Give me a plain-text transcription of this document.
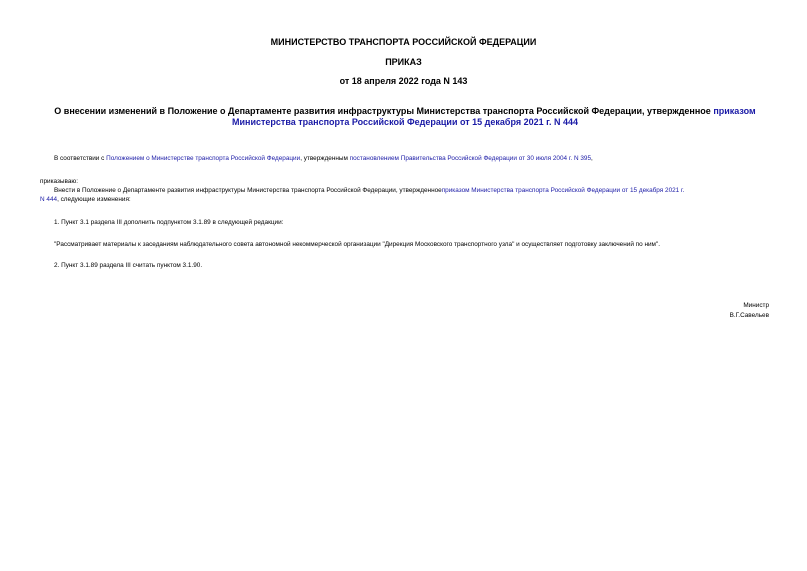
МИНИСТЕРСТВО ТРАНСПОРТА РОССИЙСКОЙ ФЕДЕРАЦИИ
ПРИКАЗ
от 18 апреля 2022 года N 143
О внесении изменений в Положение о Департаменте развития инфраструктуры Министерства транспорта Российской Федерации, утвержденное приказом Министерства транспорта Российской Федерации от 15 декабря 2021 г. N 444
В соответствии с Положением о Министерстве транспорта Российской Федерации, утвержденным постановлением Правительства Российской Федерации от 30 июля 2004 г. N 395,
приказываю:
Внести в Положение о Департаменте развития инфраструктуры Министерства транспорта Российской Федерации, утвержденноеприказом Министерства транспорта Российской Федерации от 15 декабря 2021 г.
N 444, следующие изменения:
1. Пункт 3.1 раздела III дополнить подпунктом 3.1.89 в следующей редакции:
"Рассматривает материалы к заседаниям наблюдательного совета автономной некоммерческой организации "Дирекция Московского транспортного узла" и осуществляет подготовку заключений по ним".
2. Пункт 3.1.89 раздела III считать пунктом 3.1.90.
Министр
В.Г.Савельев
